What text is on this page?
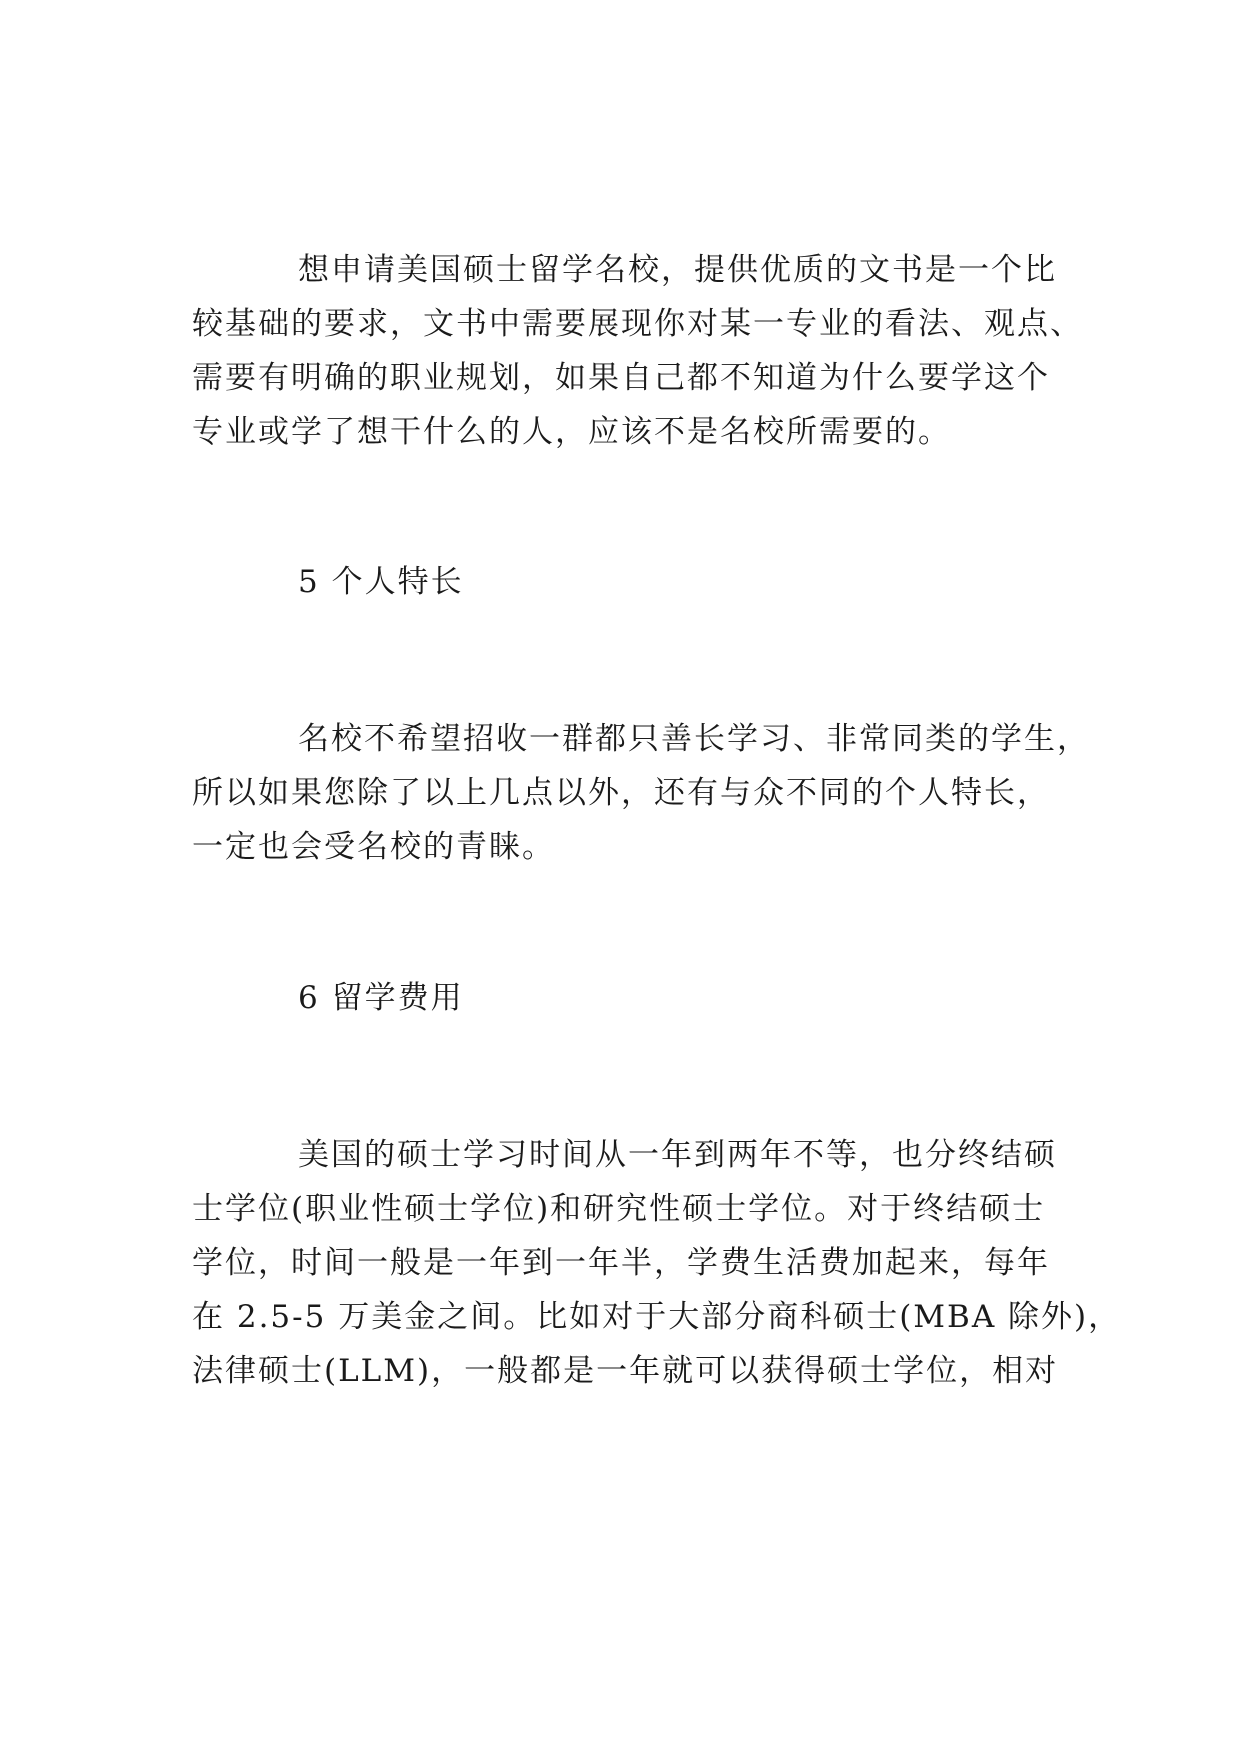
想申请美国硕士留学名校，提供优质的文书是一个比
较基础的要求，文书中需要展现你对某一专业的看法、观点、
需要有明确的职业规划，如果自己都不知道为什么要学这个
专业或学了想干什么的人，应该不是名校所需要的。
5 个人特长
名校不希望招收一群都只善长学习、非常同类的学生，
所以如果您除了以上几点以外，还有与众不同的个人特长，
一定也会受名校的青睐。
6 留学费用
美国的硕士学习时间从一年到两年不等，也分终结硕
士学位(职业性硕士学位)和研究性硕士学位。对于终结硕士
学位，时间一般是一年到一年半，学费生活费加起来，每年
在 2.5-5 万美金之间。比如对于大部分商科硕士(MBA 除外)，
法律硕士(LLM)，一般都是一年就可以获得硕士学位，相对
